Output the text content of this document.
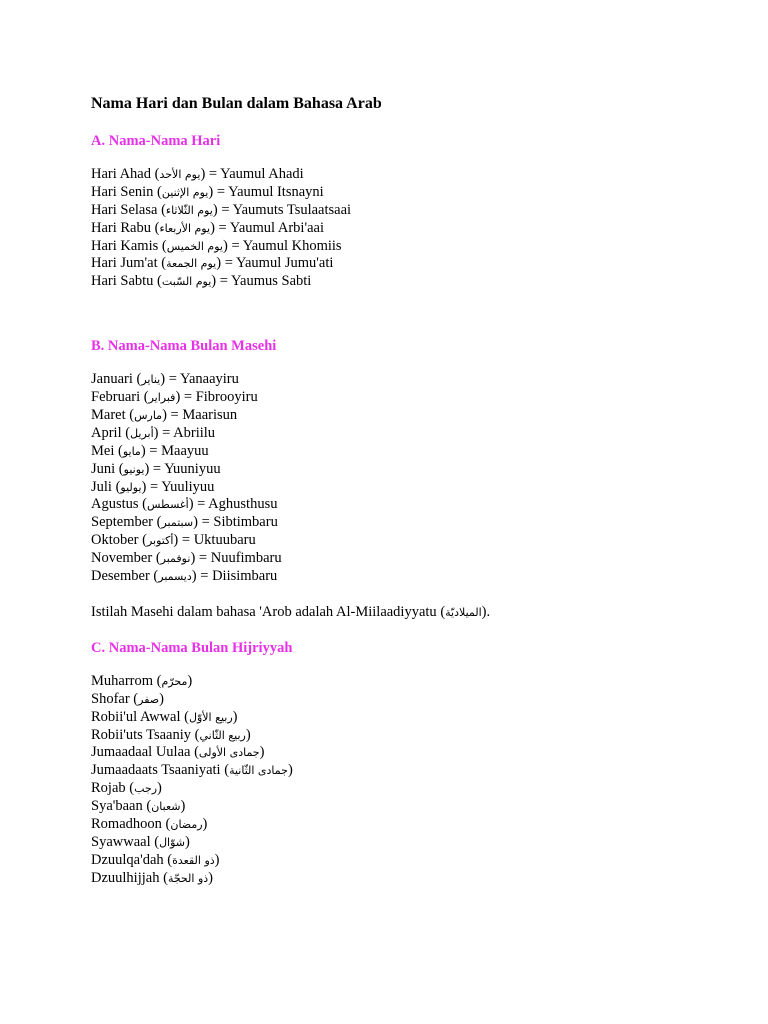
Nama Hari dan Bulan dalam Bahasa Arab

A. Nama-Nama Hari

Hari Ahad (يوم الأحد) = Yaumul Ahadi

Hari Senin (يوم الإثنين) = Yaumul Itsnayni

Hari Selasa (يوم الثّلاثاء) = Yaumuts Tsulaatsaai

Hari Rabu (يوم الأربعاء) = Yaumul Arbi'aai

Hari Kamis (يوم الخميس) = Yaumul Khomiis

Hari Jum'at (يوم الجمعة) = Yaumul Jumu'ati

Hari Sabtu (يوم السّبت) = Yaumus Sabti

B. Nama-Nama Bulan Masehi

Januari (يناير) = Yanaayiru

Februari (فبراير) = Fibrooyiru

Maret (مارس) = Maarisun

April (أبريل) = Abriilu

Mei (مايو) = Maayuu

Juni (يونيو) = Yuuniyuu

Juli (يوليو) = Yuuliyuu

Agustus (أغسطس) = Aghusthusu

September (سبتمبر) = Sibtimbaru

Oktober (أكتوبر) = Uktuubaru

November (نوفمبر) = Nuufimbaru

Desember (ديسمبر) = Diisimbaru

Istilah Masehi dalam bahasa 'Arob adalah Al-Miilaadiyyatu (الميلاديّة).

C. Nama-Nama Bulan Hijriyyah

Muharrom (محرّم)

Shofar (صفر)

Robii'ul Awwal (ربيع الأوّل)

Robii'uts Tsaaniy (ربيع الثّاني)

Jumaadaal Uulaa (جمادى الأولى)

Jumaadaats Tsaaniyati (جمادى الثّانية)

Rojab (رجب)

Sya'baan (شعبان)

Romadhoon (رمضان)

Syawwaal (شوّال)

Dzuulqa'dah (ذو القعدة)

Dzuulhijjah (ذو الحجّة)
